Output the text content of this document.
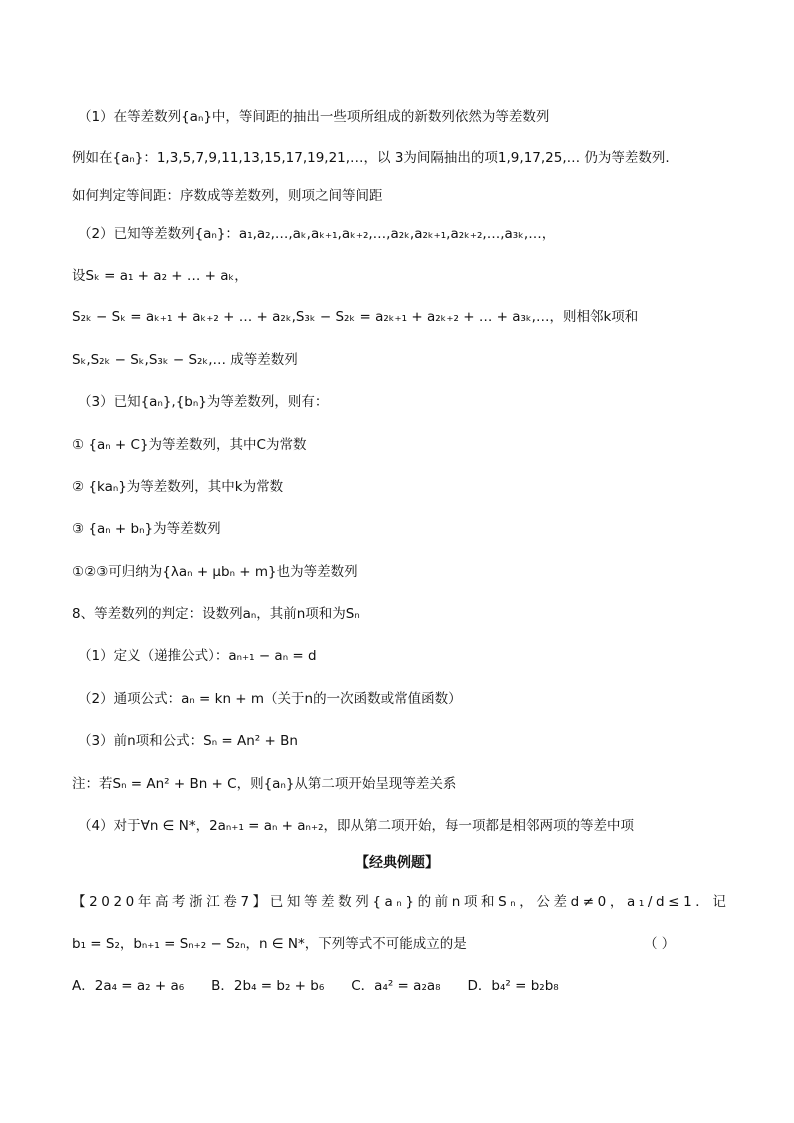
（1）在等差数列{aₙ}中，等间距的抽出一些项所组成的新数列依然为等差数列
例如在{aₙ}：1,3,5,7,9,11,13,15,17,19,21,…，以 3为间隔抽出的项1,9,17,25,… 仍为等差数列.
如何判定等间距：序数成等差数列，则项之间等间距
（2）已知等差数列{aₙ}：a₁,a₂,…,aₖ,aₖ₊₁,aₖ₊₂,…,a₂ₖ,a₂ₖ₊₁,a₂ₖ₊₂,…,a₃ₖ,…，
设Sₖ = a₁ + a₂ + … + aₖ，
S₂ₖ − Sₖ = aₖ₊₁ + aₖ₊₂ + … + a₂ₖ,S₃ₖ − S₂ₖ = a₂ₖ₊₁ + a₂ₖ₊₂ + … + a₃ₖ,…，则相邻k项和
Sₖ,S₂ₖ − Sₖ,S₃ₖ − S₂ₖ,… 成等差数列
（3）已知{aₙ},{bₙ}为等差数列，则有：
① {aₙ + C}为等差数列，其中C为常数
② {kaₙ}为等差数列，其中k为常数
③ {aₙ + bₙ}为等差数列
①②③可归纳为{λaₙ + μbₙ + m}也为等差数列
8、等差数列的判定：设数列aₙ，其前n项和为Sₙ
（1）定义（递推公式）：aₙ₊₁ − aₙ = d
（2）通项公式：aₙ = kn + m（关于n的一次函数或常值函数）
（3）前n项和公式：Sₙ = An² + Bn
注：若Sₙ = An² + Bn + C，则{aₙ}从第二项开始呈现等差关系
（4）对于∀n ∈ N*，2aₙ₊₁ = aₙ + aₙ₊₂，即从第二项开始，每一项都是相邻两项的等差中项
【经典例题】
【2020年高考浙江卷7】已知等差数列{aₙ}的前n项和Sₙ，公差d≠0，a₁/d≤1．记
b₁ = S₂，bₙ₊₁ = Sₙ₊₂ − S₂ₙ，n ∈ N*，下列等式不可能成立的是	（ ）
A．2a₄ = a₂ + a₆　　B．2b₄ = b₂ + b₆　　C．a₄² = a₂a₈　　D．b₄² = b₂b₈
